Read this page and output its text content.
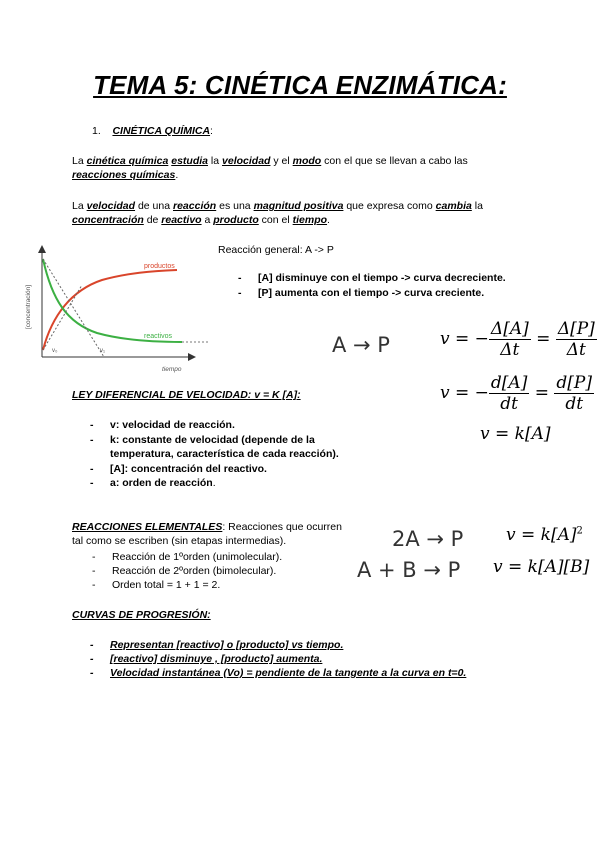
TEMA 5: CINÉTICA ENZIMÁTICA:
1. CINÉTICA QUÍMICA:
La cinética química estudia la velocidad y el modo con el que se llevan a cabo las reacciones químicas.
La velocidad de una reacción es una magnitud positiva que expresa como cambia la concentración de reactivo a producto con el tiempo.
[concentración]
tiempo
productos
reactivos
v₀	v₁
Reacción general: A -> P
- [A] disminuye con el tiempo -> curva decreciente.
- [P] aumenta con el tiempo -> curva creciente.
A → P	v = − $\frac{\Delta[A]}{\Delta t} = \frac{\Delta[P]}{\Delta t}$
v = − $\frac{d[A]}{dt} = \frac{d[P]}{dt}$
v = k[A]
LEY DIFERENCIAL DE VELOCIDAD: v = K [A]:
- v: velocidad de reacción.
- k: constante de velocidad (depende de la temperatura, característica de cada reacción).
- [A]: concentración del reactivo.
- a: orden de reacción.
REACCIONES ELEMENTALES: Reacciones que ocurren tal como se escriben (sin etapas intermedias).
- Reacción de 1ºorden (unimolecular).
- Reacción de 2ºorden (bimolecular).
- Orden total = 1 + 1 = 2.
2A → P	$v = k[A]^2$
A + B → P v = k[A][B]
CURVAS DE PROGRESIÓN:
- Representan [reactivo] o [producto] vs tiempo.
- [reactivo] disminuye , [producto] aumenta.
- Velocidad instantánea (Vo) = pendiente de la tangente a la curva en t=0.
